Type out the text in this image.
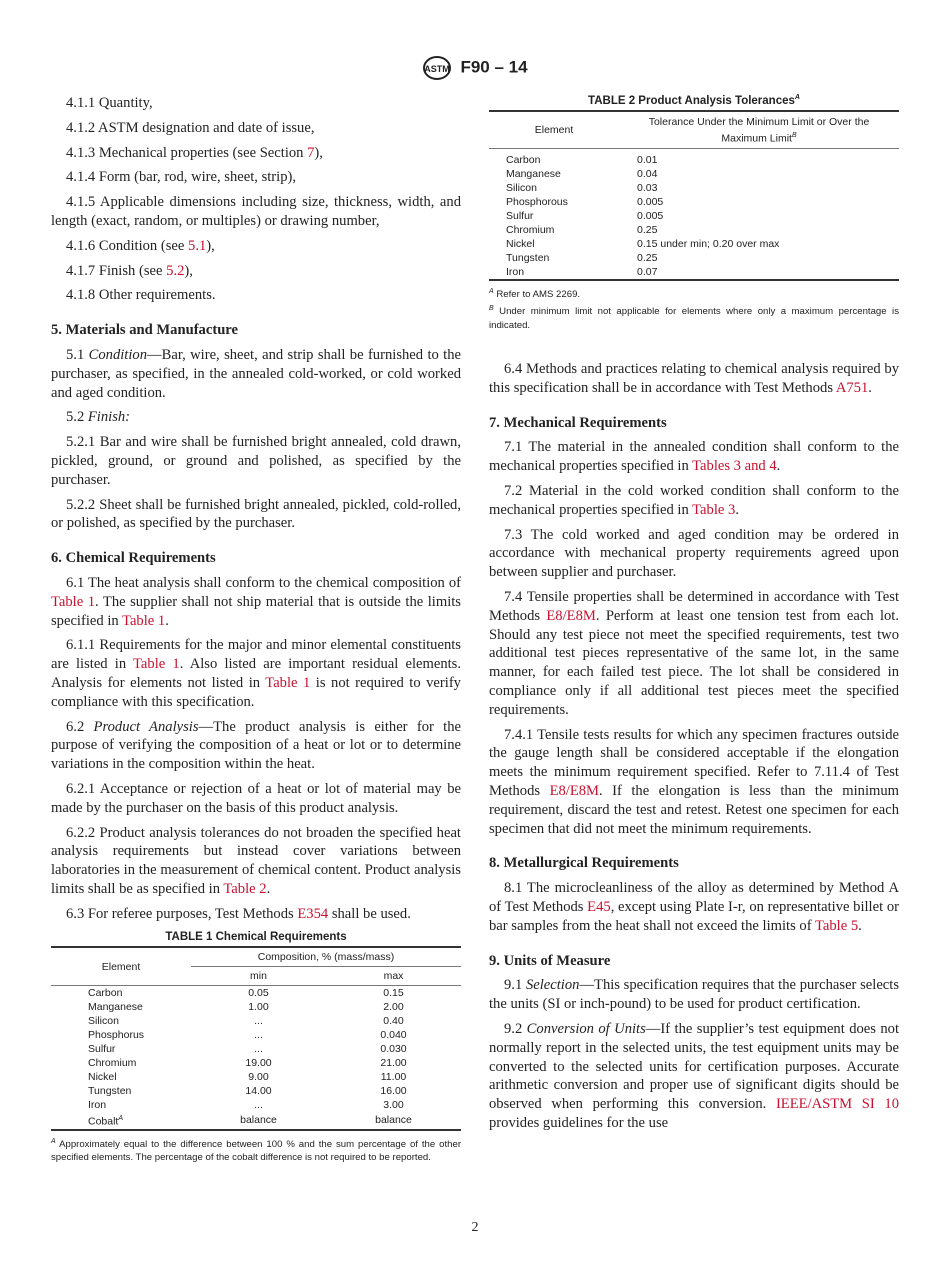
ASTM F90 – 14

4.1.1 Quantity,

4.1.2 ASTM designation and date of issue,

4.1.3 Mechanical properties (see Section 7),

4.1.4 Form (bar, rod, wire, sheet, strip),

4.1.5 Applicable dimensions including size, thickness, width, and length (exact, random, or multiples) or drawing number,

4.1.6 Condition (see 5.1),

4.1.7 Finish (see 5.2),

4.1.8 Other requirements.

5. Materials and Manufacture

5.1 Condition—Bar, wire, sheet, and strip shall be furnished to the purchaser, as specified, in the annealed cold-worked, or cold worked and aged condition.

5.2 Finish:

5.2.1 Bar and wire shall be furnished bright annealed, cold drawn, pickled, ground, or ground and polished, as specified by the purchaser.

5.2.2 Sheet shall be furnished bright annealed, pickled, cold-rolled, or polished, as specified by the purchaser.

6. Chemical Requirements

6.1 The heat analysis shall conform to the chemical composition of Table 1. The supplier shall not ship material that is outside the limits specified in Table 1.

6.1.1 Requirements for the major and minor elemental constituents are listed in Table 1. Also listed are important residual elements. Analysis for elements not listed in Table 1 is not required to verify compliance with this specification.

6.2 Product Analysis—The product analysis is either for the purpose of verifying the composition of a heat or lot or to determine variations in the composition within the heat.

6.2.1 Acceptance or rejection of a heat or lot of material may be made by the purchaser on the basis of this product analysis.

6.2.2 Product analysis tolerances do not broaden the specified heat analysis requirements but instead cover variations between laboratories in the measurement of chemical content. Product analysis limits shall be as specified in Table 2.

6.3 For referee purposes, Test Methods E354 shall be used.

TABLE 1 Chemical Requirements
Element	Composition, % (mass/mass)	
	min	max
Carbon	0.05	0.15
Manganese	1.00	2.00
Silicon	...	0.40
Phosphorus	...	0.040
Sulfur	...	0.030
Chromium	19.00	21.00
Nickel	9.00	11.00
Tungsten	14.00	16.00
Iron	...	3.00
Cobalt$^A$	balance	balance
$^A$ Approximately equal to the difference between 100 % and the sum percentage of the other specified elements. The percentage of the cobalt difference is not required to be reported.
TABLE 2 Product Analysis Tolerances$^A$
Element	Tolerance Under the Minimum Limit or Over the Maximum Limit$^B$
Carbon	0.01
Manganese	0.04
Silicon	0.03
Phosphorous	0.005
Sulfur	0.005
Chromium	0.25
Nickel	0.15 under min; 0.20 over max
Tungsten	0.25
Iron	0.07
$^A$ Refer to AMS 2269.
$^B$ Under minimum limit not applicable for elements where only a maximum percentage is indicated.

6.4 Methods and practices relating to chemical analysis required by this specification shall be in accordance with Test Methods A751.

7. Mechanical Requirements

7.1 The material in the annealed condition shall conform to the mechanical properties specified in Tables 3 and 4.

7.2 Material in the cold worked condition shall conform to the mechanical properties specified in Table 3.

7.3 The cold worked and aged condition may be ordered in accordance with mechanical property requirements agreed upon between supplier and purchaser.

7.4 Tensile properties shall be determined in accordance with Test Methods E8/E8M. Perform at least one tension test from each lot. Should any test piece not meet the specified requirements, test two additional test pieces representative of the same lot, in the same manner, for each failed test piece. The lot shall be considered in compliance only if all additional test pieces meet the specified requirements.

7.4.1 Tensile tests results for which any specimen fractures outside the gauge length shall be considered acceptable if the elongation meets the minimum requirement specified. Refer to 7.11.4 of Test Methods E8/E8M. If the elongation is less than the minimum requirement, discard the test and retest. Retest one specimen for each specimen that did not meet the minimum requirements.

8. Metallurgical Requirements

8.1 The microcleanliness of the alloy as determined by Method A of Test Methods E45, except using Plate I-r, on representative billet or bar samples from the heat shall not exceed the limits of Table 5.

9. Units of Measure

9.1 Selection—This specification requires that the purchaser selects the units (SI or inch-pound) to be used for product certification.

9.2 Conversion of Units—If the supplier’s test equipment does not normally report in the selected units, the test equipment units may be converted to the selected units for certification purposes. Accurate arithmetic conversion and proper use of significant digits should be observed when performing this conversion. IEEE/ASTM SI 10 provides guidelines for the use

2
